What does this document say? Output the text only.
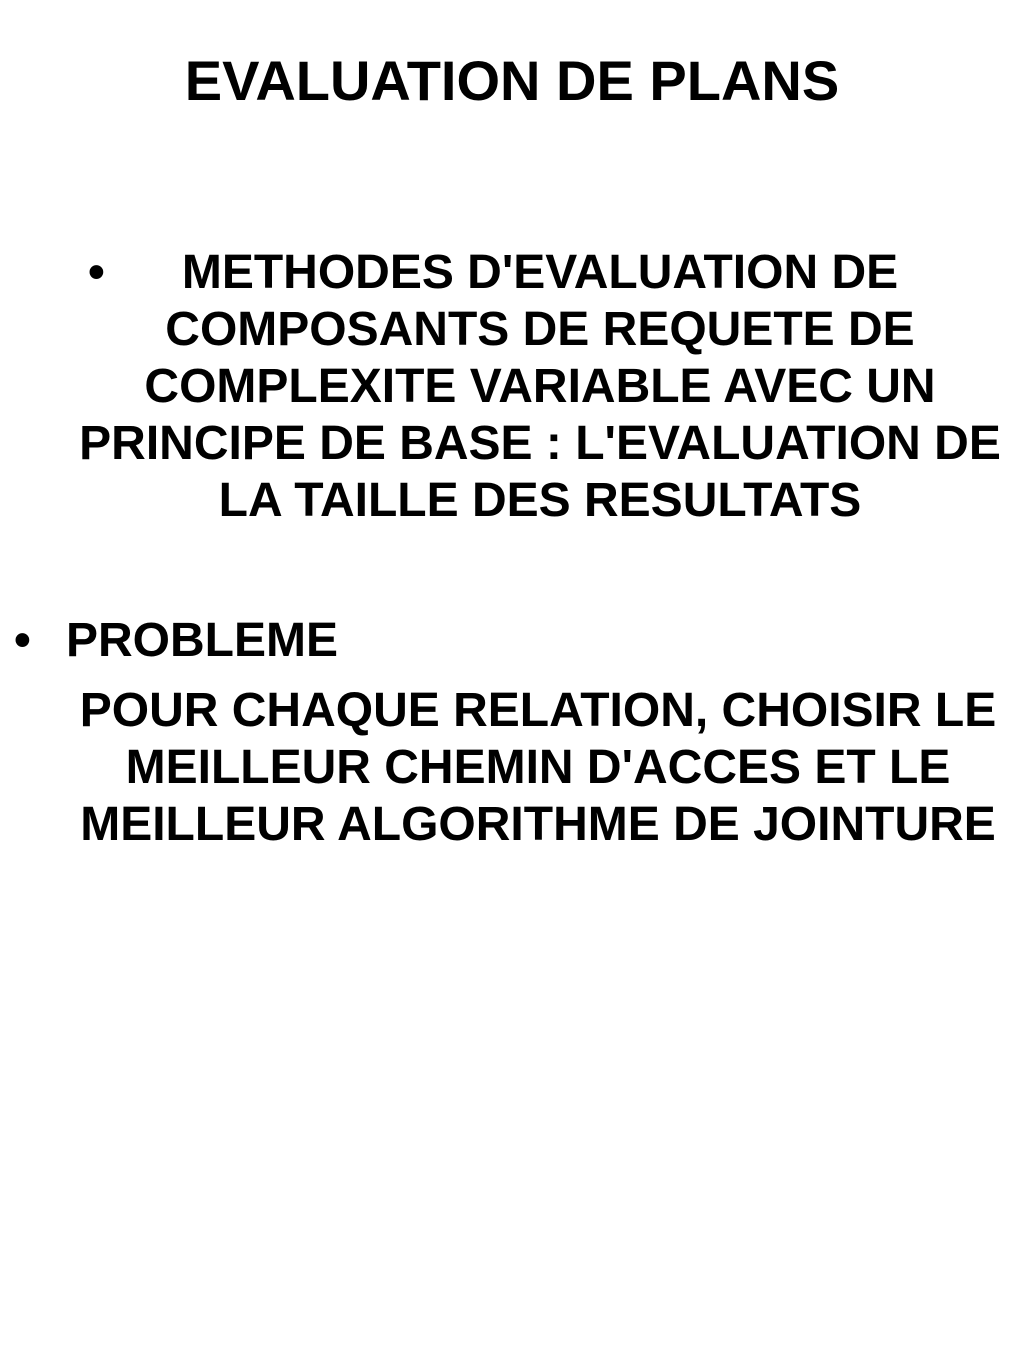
EVALUATION DE PLANS
•	METHODES D'EVALUATION DE COMPOSANTS DE REQUETE DE COMPLEXITE VARIABLE AVEC UN PRINCIPE DE BASE : L'EVALUATION DE LA TAILLE DES RESULTATS
• PROBLEME
POUR CHAQUE RELATION, CHOISIR LE MEILLEUR CHEMIN D'ACCES ET LE MEILLEUR ALGORITHME DE JOINTURE
